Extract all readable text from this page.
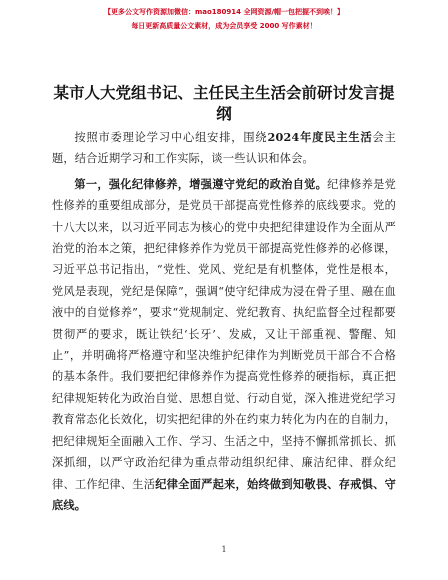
【更多公文写作资源加微信：mao180914 全网资源/帽一包把握不到唉！】
每日更新高质量公文素材，成为会员享受 2000 写作素材！
某市人大党组书记、主任民主生活会前研讨发言提纲

按照市委理论学习中心组安排，围绕2024年度民主生活会主题，结合近期学习和工作实际，谈一些认识和体会。

第一，强化纪律修养，增强遵守党纪的政治自觉。纪律修养是党性修养的重要组成部分，是党员干部提高党性修养的底线要求。党的十八大以来，以习近平同志为核心的党中央把纪律建设作为全面从严治党的治本之策，把纪律修养作为党员干部提高党性修养的必修课，习近平总书记指出，“党性、党风、党纪是有机整体，党性是根本，党风是表现，党纪是保障”，强调“使守纪律成为浸在骨子里、融在血液中的自觉修养”，要求“党规制定、党纪教育、执纪监督全过程都要贯彻严的要求，既让铁纪‘长牙’、发威，又让干部重视、警醒、知止”，并明确将严格遵守和坚决维护纪律作为判断党员干部合不合格的基本条件。我们要把纪律修养作为提高党性修养的硬指标，真正把纪律规矩转化为政治自觉、思想自觉、行动自觉，深入推进党纪学习教育常态化长效化，切实把纪律的外在约束力转化为内在的自制力，把纪律规矩全面融入工作、学习、生活之中，坚持不懈抓常抓长、抓深抓细，以严守政治纪律为重点带动组织纪律、廉洁纪律、群众纪律、工作纪律、生活纪律全面严起来，始终做到知敬畏、存戒惧、守底线。

1
